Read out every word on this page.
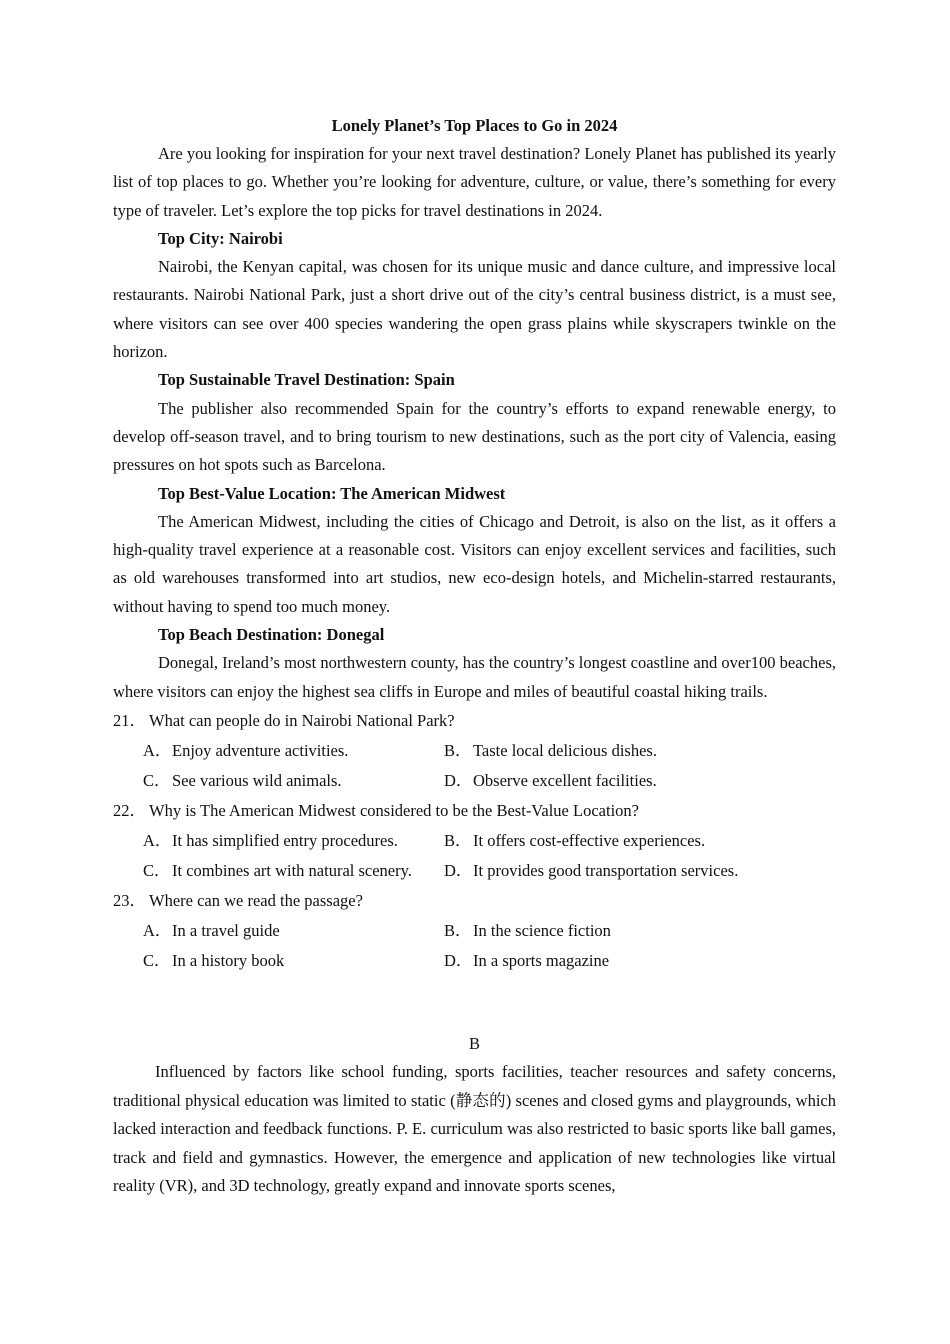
Lonely Planet’s Top Places to Go in 2024

Are you looking for inspiration for your next travel destination? Lonely Planet has published its yearly list of top places to go. Whether you’re looking for adventure, culture, or value, there’s something for every type of traveler. Let’s explore the top picks for travel destinations in 2024.

Top City: Nairobi

Nairobi, the Kenyan capital, was chosen for its unique music and dance culture, and impressive local restaurants. Nairobi National Park, just a short drive out of the city’s central business district, is a must see, where visitors can see over 400 species wandering the open grass plains while skyscrapers twinkle on the horizon.

Top Sustainable Travel Destination: Spain

The publisher also recommended Spain for the country’s efforts to expand renewable energy, to develop off-season travel, and to bring tourism to new destinations, such as the port city of Valencia, easing pressures on hot spots such as Barcelona.

Top Best-Value Location: The American Midwest

The American Midwest, including the cities of Chicago and Detroit, is also on the list, as it offers a high-quality travel experience at a reasonable cost. Visitors can enjoy excellent services and facilities, such as old warehouses transformed into art studios, new eco-design hotels, and Michelin-starred restaurants, without having to spend too much money.

Top Beach Destination: Donegal

Donegal, Ireland’s most northwestern county, has the country’s longest coastline and over100 beaches, where visitors can enjoy the highest sea cliffs in Europe and miles of beautiful coastal hiking trails.

21． What can people do in Nairobi National Park?
A．Enjoy adventure activities.	B．Taste local delicious dishes.
C．See various wild animals.	D．Observe excellent facilities.
22． Why is The American Midwest considered to be the Best-Value Location?
A．It has simplified entry procedures.	B．It offers cost-effective experiences.
C．It combines art with natural scenery.	D．It provides good transportation services.
23． Where can we read the passage?
A．In a travel guide	B．In the science fiction
C．In a history book	D．In a sports magazine

B

Influenced by factors like school funding, sports facilities, teacher resources and safety concerns, traditional physical education was limited to static (静态的) scenes and closed gyms and playgrounds, which lacked interaction and feedback functions. P. E. curriculum was also restricted to basic sports like ball games, track and field and gymnastics. However, the emergence and application of new technologies like virtual reality (VR), and 3D technology, greatly expand and innovate sports scenes,
